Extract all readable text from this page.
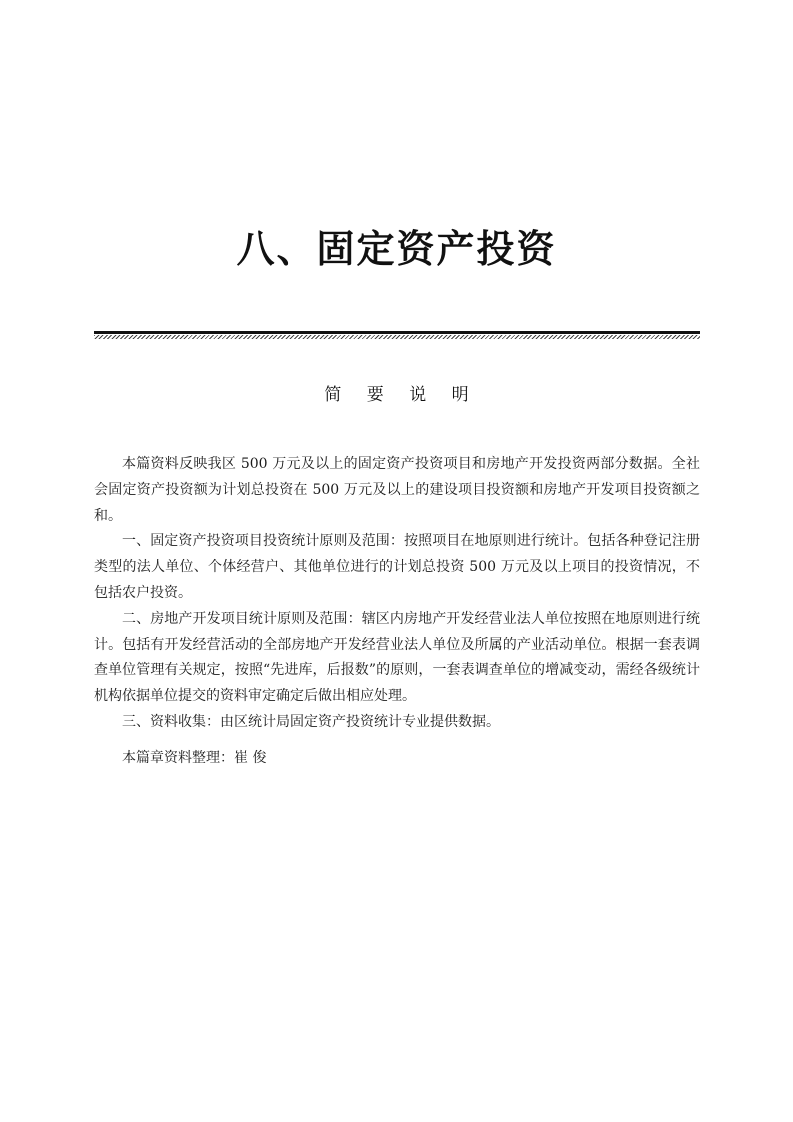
八、固定资产投资
简 要 说 明

本篇资料反映我区 500 万元及以上的固定资产投资项目和房地产开发投资两部分数据。全社会固定资产投资额为计划总投资在 500 万元及以上的建设项目投资额和房地产开发项目投资额之和。

一、固定资产投资项目投资统计原则及范围：按照项目在地原则进行统计。包括各种登记注册类型的法人单位、个体经营户、其他单位进行的计划总投资 500 万元及以上项目的投资情况，不包括农户投资。

二、房地产开发项目统计原则及范围：辖区内房地产开发经营业法人单位按照在地原则进行统计。包括有开发经营活动的全部房地产开发经营业法人单位及所属的产业活动单位。根据一套表调查单位管理有关规定，按照“先进库，后报数”的原则，一套表调查单位的增减变动，需经各级统计机构依据单位提交的资料审定确定后做出相应处理。

三、资料收集：由区统计局固定资产投资统计专业提供数据。

本篇章资料整理：崔 俊
